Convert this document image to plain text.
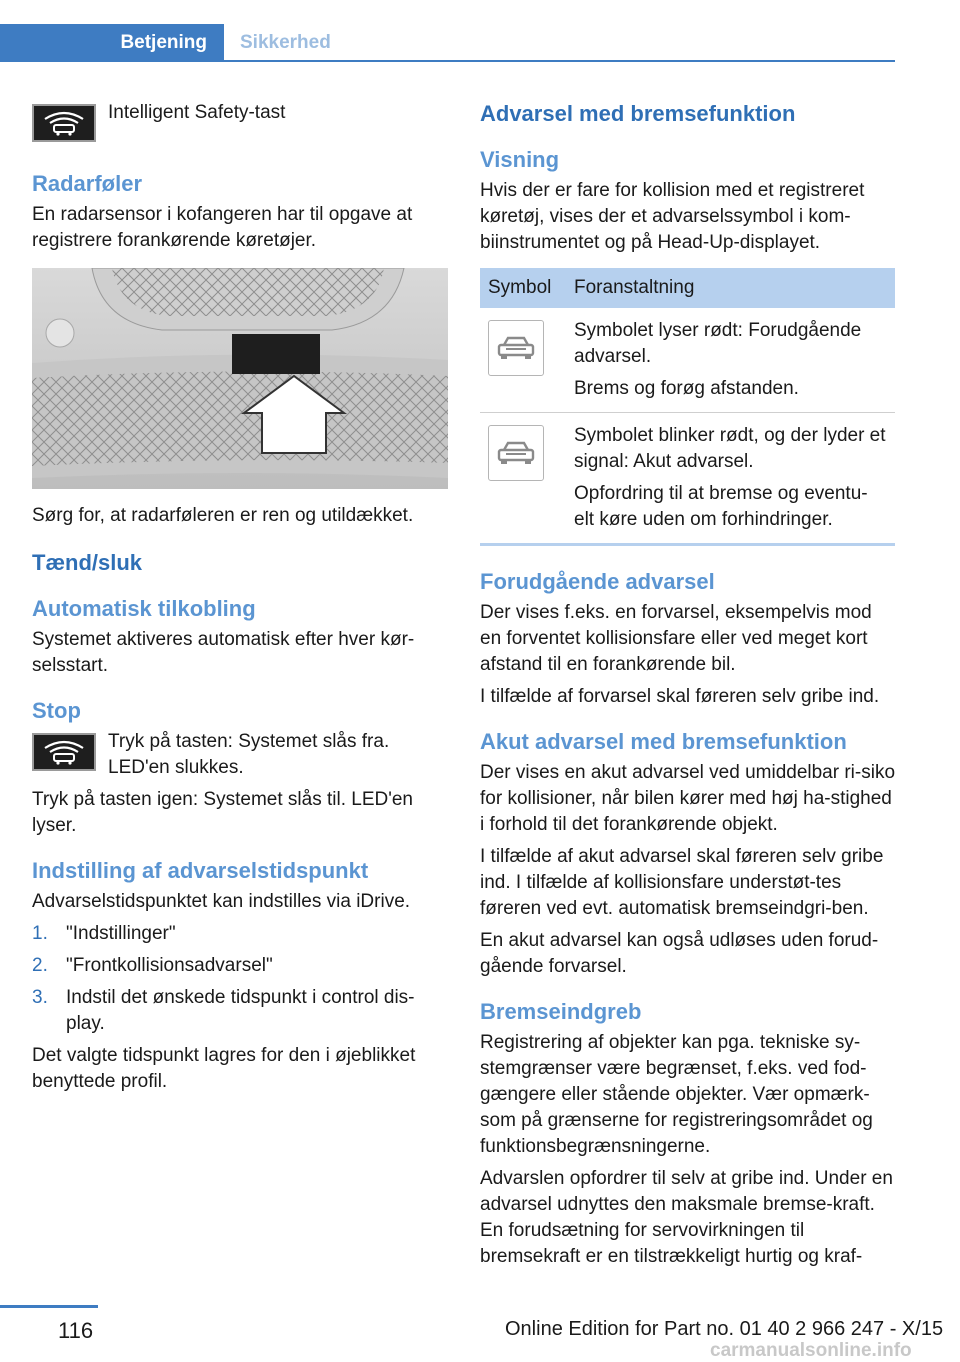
Betjening	Sikkerhed
Intelligent Safety-tast
Radarføler
En radarsensor i kofangeren har til opgave at registrere forankørende køretøjer.
Sørg for, at radarføleren er ren og utildækket.
Tænd/sluk
Automatisk tilkobling
Systemet aktiveres automatisk efter hver kør-selsstart.
Stop
Tryk på tasten: Systemet slås fra. LED'en slukkes.
Tryk på tasten igen: Systemet slås til. LED'en lyser.
Indstilling af advarselstidspunkt
Advarselstidspunktet kan indstilles via iDrive.
1. "Indstillinger"
2. "Frontkollisionsadvarsel"
3. Indstil det ønskede tidspunkt i control dis-play.
Det valgte tidspunkt lagres for den i øjeblikket benyttede profil.
Advarsel med bremsefunktion
Visning
Hvis der er fare for kollision med et registreret køretøj, vises der et advarselssymbol i kom-biinstrumentet og på Head-Up-displayet.
Symbol	Foranstaltning

Symbolet lyser rødt: Forudgående advarsel.
Brems og forøg afstanden.

Symbolet blinker rødt, og der lyder et signal: Akut advarsel.
Opfordring til at bremse og eventu-elt køre uden om forhindringer.
Forudgående advarsel
Der vises f.eks. en forvarsel, eksempelvis mod en forventet kollisionsfare eller ved meget kort afstand til en forankørende bil.
I tilfælde af forvarsel skal føreren selv gribe ind.
Akut advarsel med bremsefunktion
Der vises en akut advarsel ved umiddelbar ri-siko for kollisioner, når bilen kører med høj ha-stighed i forhold til det forankørende objekt.
I tilfælde af akut advarsel skal føreren selv gribe ind. I tilfælde af kollisionsfare understøt-tes føreren ved evt. automatisk bremseindgri-ben.
En akut advarsel kan også udløses uden forud-gående forvarsel.
Bremseindgreb
Registrering af objekter kan pga. tekniske sy-stemgrænser være begrænset, f.eks. ved fod-gængere eller stående objekter. Vær opmærk-som på grænserne for registreringsområdet og funktionsbegrænsningerne.
Advarslen opfordrer til selv at gribe ind. Under en advarsel udnyttes den maksmale bremse-kraft. En forudsætning for servovirkningen til bremsekraft er en tilstrækkeligt hurtig og kraf-
116	Online Edition for Part no. 01 40 2 966 247 - X/15
carmanualsonline.info
